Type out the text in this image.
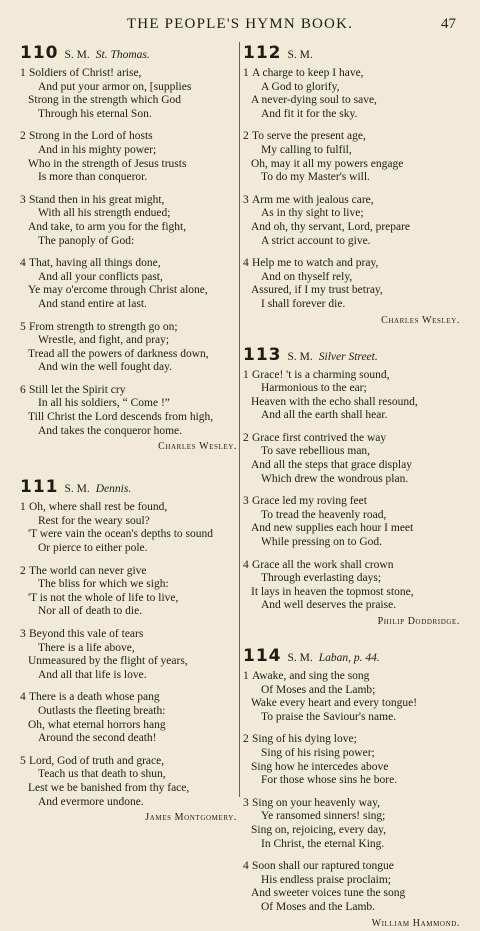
THE PEOPLE'S HYMN BOOK.	47
110 S. M. St. Thomas.
1 Soldiers of Christ! arise,
And put your armor on, [supplies
Strong in the strength which God
Through his eternal Son.
2 Strong in the Lord of hosts
And in his mighty power;
Who in the strength of Jesus trusts
Is more than conqueror.
3 Stand then in his great might,
With all his strength endued;
And take, to arm you for the fight,
The panoply of God:
4 That, having all things done,
And all your conflicts past,
Ye may o'ercome through Christ alone,
And stand entire at last.
5 From strength to strength go on;
Wrestle, and fight, and pray;
Tread all the powers of darkness down,
And win the well fought day.
6 Still let the Spirit cry
In all his soldiers, “ Come !”
Till Christ the Lord descends from high,
And takes the conqueror home.
Charles Wesley.
111 S. M. Dennis.
1 Oh, where shall rest be found,
Rest for the weary soul?
'T were vain the ocean's depths to sound
Or pierce to either pole.
2 The world can never give
The bliss for which we sigh:
'T is not the whole of life to live,
Nor all of death to die.
3 Beyond this vale of tears
There is a life above,
Unmeasured by the flight of years,
And all that life is love.
4 There is a death whose pang
Outlasts the fleeting breath:
Oh, what eternal horrors hang
Around the second death!
5 Lord, God of truth and grace,
Teach us that death to shun,
Lest we be banished from thy face,
And evermore undone.
James Montgomery.
112 S. M.
1 A charge to keep I have,
A God to glorify,
A never-dying soul to save,
And fit it for the sky.
2 To serve the present age,
My calling to fulfil,
Oh, may it all my powers engage
To do my Master's will.
3 Arm me with jealous care,
As in thy sight to live;
And oh, thy servant, Lord, prepare
A strict account to give.
4 Help me to watch and pray,
And on thyself rely,
Assured, if I my trust betray,
I shall forever die.
Charles Wesley.
113 S. M. Silver Street.
1 Grace! 't is a charming sound,
Harmonious to the ear;
Heaven with the echo shall resound,
And all the earth shall hear.
2 Grace first contrived the way
To save rebellious man,
And all the steps that grace display
Which drew the wondrous plan.
3 Grace led my roving feet
To tread the heavenly road,
And new supplies each hour I meet
While pressing on to God.
4 Grace all the work shall crown
Through everlasting days;
It lays in heaven the topmost stone,
And well deserves the praise.
Philip Doddridge.
114 S. M. Laban, p. 44.
1 Awake, and sing the song
Of Moses and the Lamb;
Wake every heart and every tongue!
To praise the Saviour's name.
2 Sing of his dying love;
Sing of his rising power;
Sing how he intercedes above
For those whose sins he bore.
3 Sing on your heavenly way,
Ye ransomed sinners! sing;
Sing on, rejoicing, every day,
In Christ, the eternal King.
4 Soon shall our raptured tongue
His endless praise proclaim;
And sweeter voices tune the song
Of Moses and the Lamb.
William Hammond.
